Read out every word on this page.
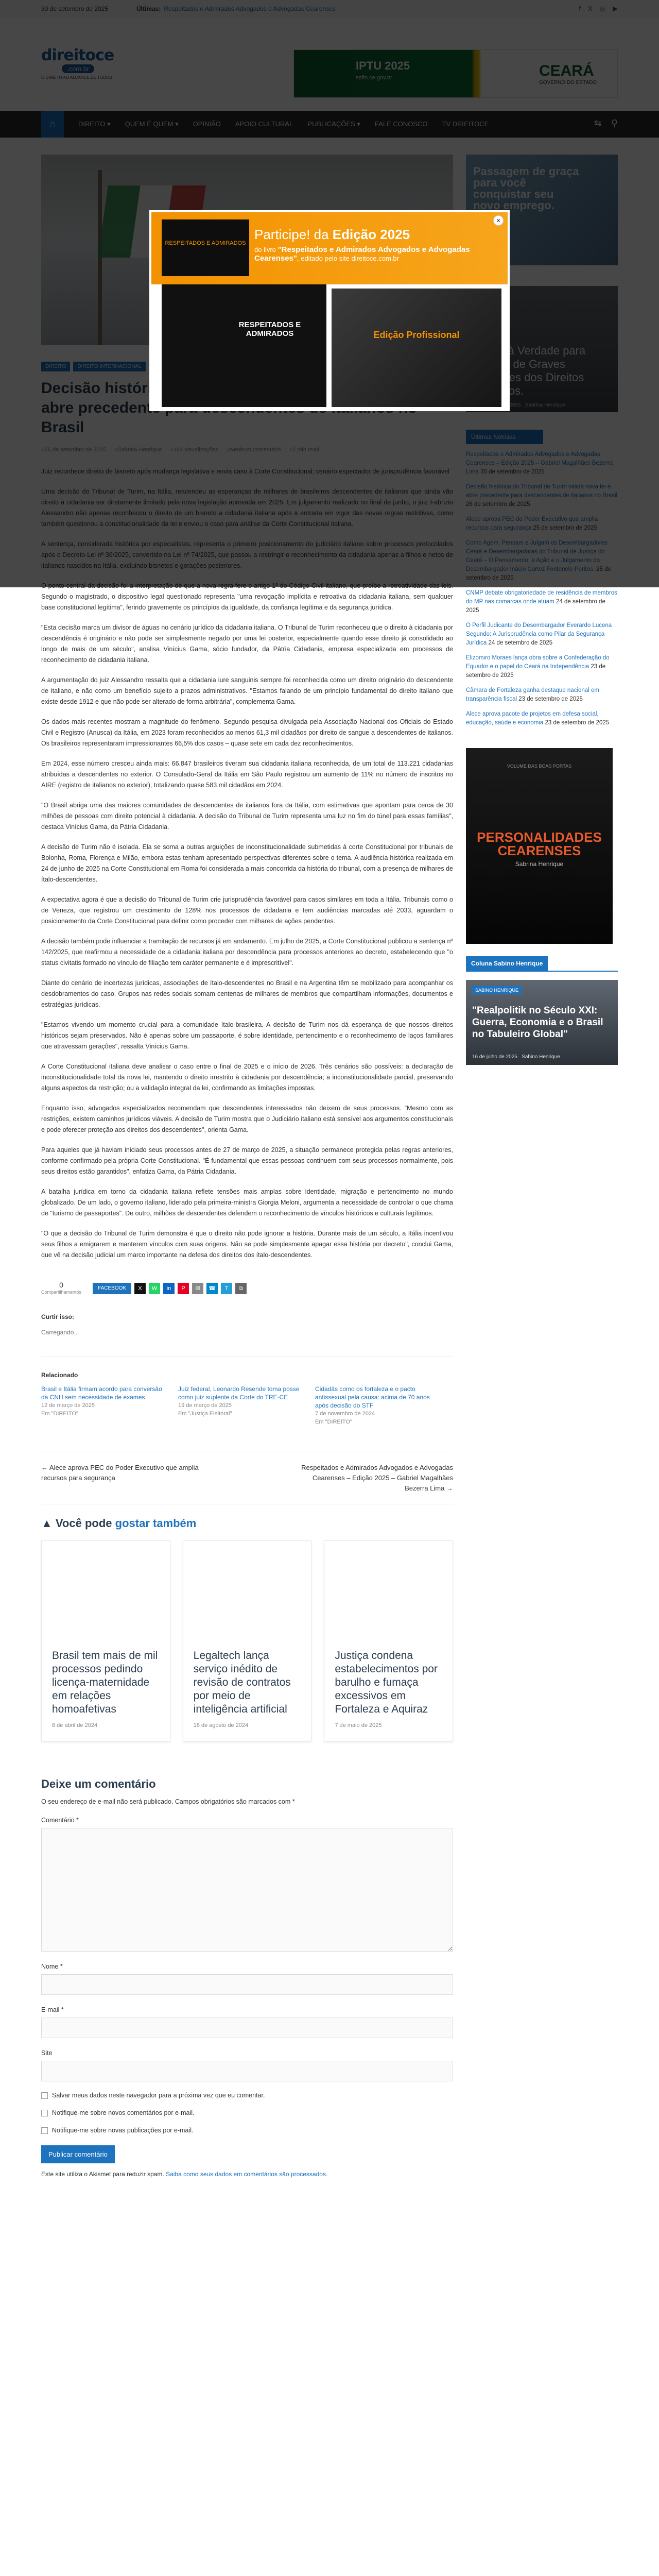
○
○
○
○
○

Segundo o magistrado, o dispositivo legal questionado representa "uma revogação implícita e retroativa da cidadania italiana, sem qualquer base constitucional legítima", ferindo gravemente os princípios da igualdade, da confiança legítima e da segurança jurídica.

"Esta decisão marca um divisor de águas no cenário jurídico da cidadania italiana. O Tribunal de Turim reconheceu que o direito à cidadania por descendência é originário e não pode ser simplesmente negado por uma lei posterior, especialmente quando esse direito já consolidado ao longo de mais de um século", analisa Vinícius Gama, sócio fundador, da Pátria Cidadania, empresa especializada em processos de reconhecimento de cidadania italiana.

A argumentação do juiz Alessandro ressalta que a cidadania iure sanguinis sempre foi reconhecida como um direito originário do descendente de italiano, e não como um benefício sujeito a prazos administrativos. "Estamos falando de um princípio fundamental do direito italiano que existe desde 1912 e que não pode ser alterado de forma arbitrária", complementa Gama.

Os dados mais recentes mostram a magnitude do fenômeno. Segundo pesquisa divulgada pela Associação Nacional dos Oficiais do Estado Civil e Registro (Anusca) da Itália, em 2023 foram reconhecidos ao menos 61,3 mil cidadãos por direito de sangue a descendentes de italianos. Os brasileiros representaram impressionantes 66,5% dos casos – quase sete em cada dez reconhecimentos.

Em 2024, esse número cresceu ainda mais: 66.847 brasileiros tiveram sua cidadania italiana reconhecida, de um total de 113.221 cidadanias atribuídas a descendentes no exterior. O Consulado-Geral da Itália em São Paulo registrou um aumento de 11% no número de inscritos no AIRE (registro de italianos no exterior), totalizando quase 583 mil cidadãos em 2024.

"O Brasil abriga uma das maiores comunidades de descendentes de italianos fora da Itália, com estimativas que apontam para cerca de 30 milhões de pessoas com direito potencial à cidadania. A decisão do Tribunal de Turim representa uma luz no fim do túnel para essas famílias", destaca Vinícius Gama, da Pátria Cidadania.

A decisão de Turim não é isolada. Ela se soma a outras arguições de inconstitucionalidade submetidas à corte Constitucional por tribunais de Bolonha, Roma, Florença e Milão, embora estas tenham apresentado perspectivas diferentes sobre o tema. A audiência histórica realizada em 24 de junho de 2025 na Corte Constitucional em Roma foi considerada a mais concorrida da história do tribunal, com a presença de milhares de ítalo-descendentes.

A expectativa agora é que a decisão do Tribunal de Turim crie jurisprudência favorável para casos similares em toda a Itália. Tribunais como o de Veneza, que registrou um crescimento de 128% nos processos de cidadania e tem audiências marcadas até 2033, aguardam o posicionamento da Corte Constitucional para definir como proceder com milhares de ações pendentes.

A decisão também pode influenciar a tramitação de recursos já em andamento. Em julho de 2025, a Corte Constitucional publicou a sentença nº 142/2025, que reafirmou a necessidade de a cidadania italiana por descendência para processos anteriores ao decreto, estabelecendo que "o status civitatis formado no vínculo de filiação tem caráter permanente e é imprescritível".

Diante do cenário de incertezas jurídicas, associações de ítalo-descendentes no Brasil e na Argentina têm se mobilizado para acompanhar os desdobramentos do caso. Grupos nas redes sociais somam centenas de milhares de membros que compartilham informações, documentos e estratégias jurídicas.

"Estamos vivendo um momento crucial para a comunidade ítalo-brasileira. A decisão de Turim nos dá esperança de que nossos direitos históricos sejam preservados. Não é apenas sobre um passaporte, é sobre identidade, pertencimento e o reconhecimento de laços familiares que atravessam gerações", ressalta Vinícius Gama.

A Corte Constitucional italiana deve analisar o caso entre o final de 2025 e o início de 2026. Três cenários são possíveis: a declaração de inconstitucionalidade total da nova lei, mantendo o direito irrestrito à cidadania por descendência; a inconstitucionalidade parcial, preservando alguns aspectos da restrição; ou a validação integral da lei, confirmando as limitações impostas.

Enquanto isso, advogados especializados recomendam que descendentes interessados não deixem de seus processos. "Mesmo com as restrições, existem caminhos jurídicos viáveis. A decisão de Turim mostra que o Judiciário italiano está sensível aos argumentos constitucionais e pode oferecer proteção aos direitos dos descendentes", orienta Gama.

Para aqueles que já haviam iniciado seus processos antes de 27 de março de 2025, a situação permanece protegida pelas regras anteriores, conforme confirmado pela própria Corte Constitucional. "É fundamental que essas pessoas continuem com seus processos normalmente, pois seus direitos estão garantidos", enfatiza Gama, da Pátria Cidadania.

A batalha jurídica em torno da cidadania italiana reflete tensões mais amplas sobre identidade, migração e pertencimento no mundo globalizado. De um lado, o governo italiano, liderado pela primeira-ministra Giorgia Meloni, argumenta a necessidade de controlar o que chama de "turismo de passaportes". De outro, milhões de descendentes defendem o reconhecimento de vínculos históricos e culturais legítimos.

"O que a decisão do Tribunal de Turim demonstra é que o direito não pode ignorar a história. Durante mais de um século, a Itália incentivou seus filhos a emigrarem e manterem vínculos com suas origens. Não se pode simplesmente apagar essa história por decreto", conclui Gama, que vê na decisão judicial um marco importante na defesa dos direitos dos ítalo-descendentes.

0
Compartilhamentos
FACEBOOK	X	W	in	P	✉	☎	T	⧉
Curtir isso:
Carregando...
Relacionado
Brasil e Itália firmam acordo para conversão da CNH sem necessidade de exames
12 de março de 2025
Em "DIREITO"
Juiz federal, Leonardo Resende toma posse como juiz suplente da Corte do TRE-CE
19 de março de 2025
Em "Justiça Eleitoral"
Cidadãs como os fortaleza e o pacto antissexual pela causa: acima de 70 anos após decisão do STF
7 de novembro de 2024
Em "DIREITO"
← Alece aprova PEC do Poder Executivo que amplia recursos para segurança
Respeitados e Admirados Advogados e Advogadas Cearenses – Edição 2025 – Gabriel Magalhães Bezerra Lima →
▲ Você pode gostar também
Brasil tem mais de mil processos pedindo licença-maternidade em relações homoafetivas
8 de abril de 2024
Legaltech lança serviço inédito de revisão de contratos por meio de inteligência artificial
18 de agosto de 2024
Justiça condena estabelecimentos por barulho e fumaça excessivos em Fortaleza e Aquiraz
7 de maio de 2025
Deixe um comentário

O seu endereço de e-mail não será publicado. Campos obrigatórios são marcados com *

Comentário *
Nome *
E-mail *
Site
Salvar meus dados neste navegador para a próxima vez que eu comentar.
Notifique-me sobre novos comentários por e-mail.
Notifique-me sobre novas publicações por e-mail.
Publicar comentário

Este site utiliza o Akismet para reduzir spam. Saiba como seus dados em comentários são processados.

CNMP debate obrigatoriedade de residência de membros do MP nas comarcas onde atuam 24 de setembro de 2025

O Perfil Judicante do Desembargador Everardo Lucena Segundo: A Jurisprudência como Pilar da Segurança Jurídica 24 de setembro de 2025

Elizomiro Moraes lança obra sobre a Confederação do Equador e o papel do Ceará na Independência 23 de setembro de 2025

Câmara de Fortaleza ganha destaque nacional em transparência fiscal 23 de setembro de 2025

Alece aprova pacote de projetos em defesa social, educação, saúde e economia 23 de setembro de 2025

VOLUME DAS BOAS PORTAS
PERSONALIDADES CEARENSES
Sabrina Henrique
Coluna Sabino Henrique
SABINO HENRIQUE
"Realpolitik no Século XXI: Guerra, Economia e o Brasil no Tabuleiro Global"
16 de julho de 2025 Sabino Henrique
RESPEITADOS E ADMIRADOS
Participe! da Edição 2025
do livro "Respeitados e Admirados Advogados e Advogadas Cearenses", editado pelo site direitoce.com.br
RESPEITADOS E ADMIRADOS	Edição Profissional
×
